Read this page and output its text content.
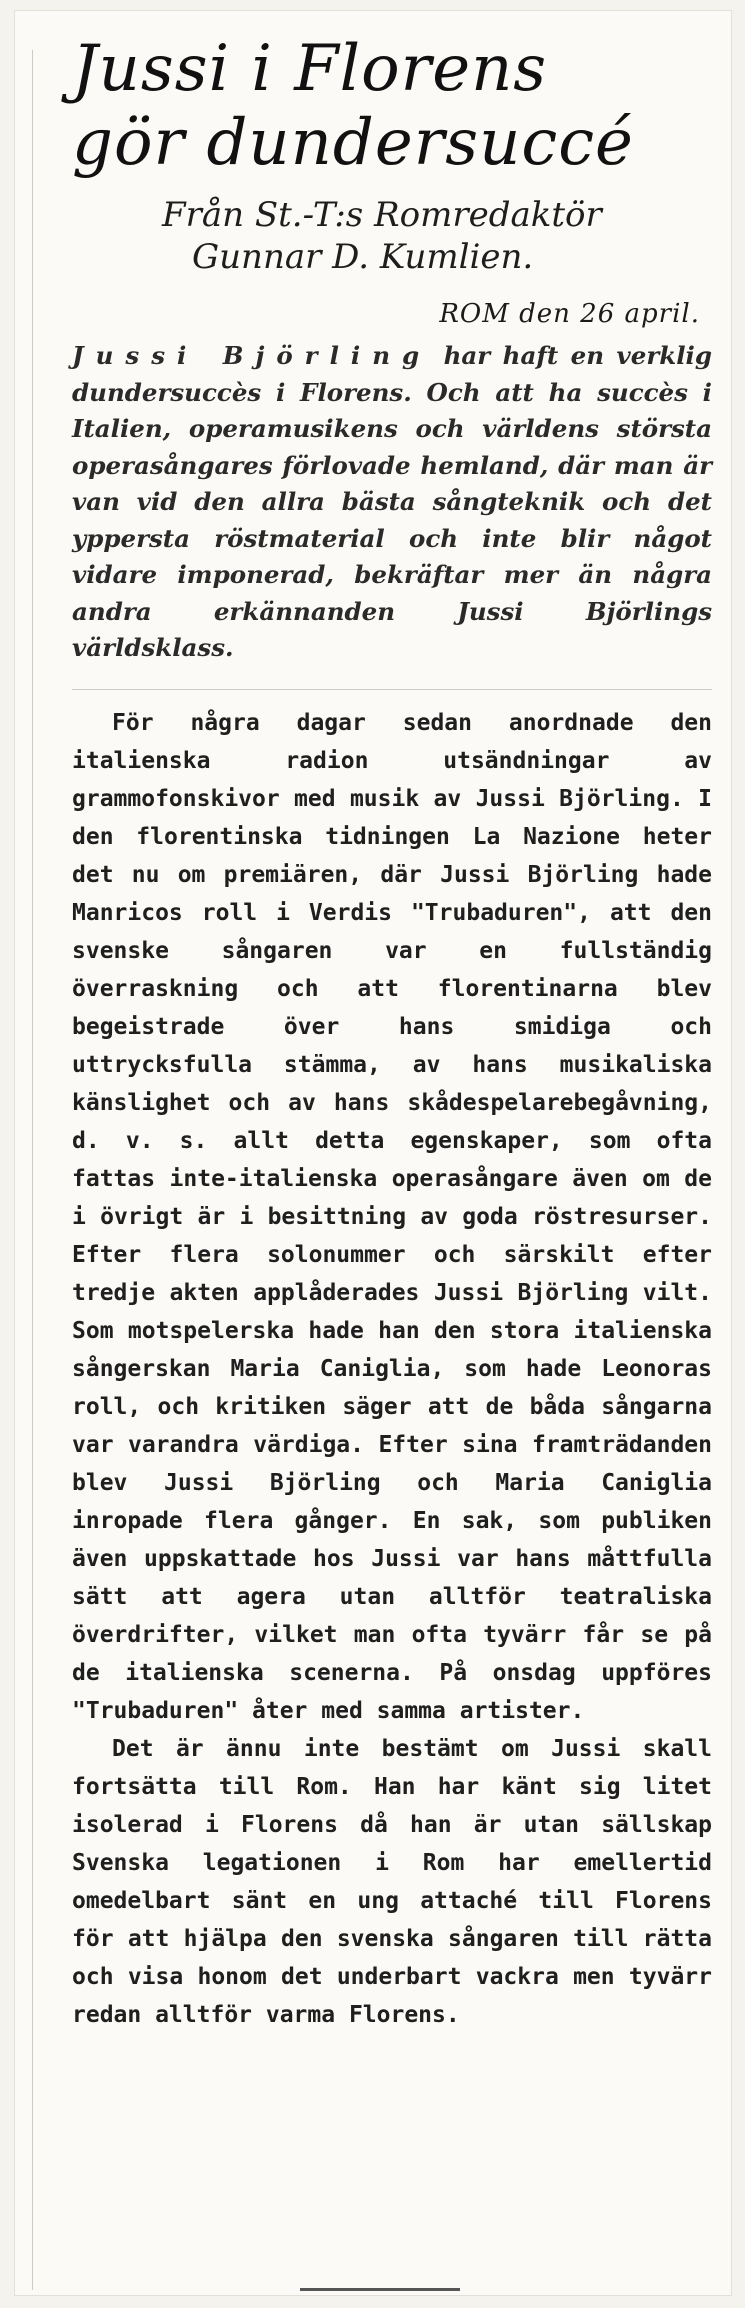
Jussi i Florens
gör dundersuccé
Från St.-T:s Romredaktör
Gunnar D. Kumlien.
ROM den 26 april.

Jussi Björling har haft en verklig dundersuccès i Florens. Och att ha succès i Italien, operamusikens och världens största operasångares förlovade hemland, där man är van vid den allra bästa sångteknik och det yppersta röstmaterial och inte blir något vidare imponerad, bekräftar mer än några andra erkännanden Jussi Björlings världsklass.

För några dagar sedan anordnade den italienska radion utsändningar av grammofonskivor med musik av Jussi Björling. I den florentinska tidningen La Nazione heter det nu om premiären, där Jussi Björling hade Manricos roll i Verdis "Trubaduren", att den svenske sångaren var en fullständig överraskning och att florentinarna blev begeistrade över hans smidiga och uttrycksfulla stämma, av hans musikaliska känslighet och av hans skådespelarebegåvning, d. v. s. allt detta egenskaper, som ofta fattas inte-italienska operasångare även om de i övrigt är i besittning av goda röstresurser. Efter flera solonummer och särskilt efter tredje akten applåderades Jussi Björling vilt. Som motspelerska hade han den stora italienska sångerskan Maria Caniglia, som hade Leonoras roll, och kritiken säger att de båda sångarna var varandra värdiga. Efter sina framträdanden blev Jussi Björling och Maria Caniglia inropade flera gånger. En sak, som publiken även uppskattade hos Jussi var hans måttfulla sätt att agera utan alltför teatraliska överdrifter, vilket man ofta tyvärr får se på de italienska scenerna. På onsdag uppföres "Trubaduren" åter med samma artister.

Det är ännu inte bestämt om Jussi skall fortsätta till Rom. Han har känt sig litet isolerad i Florens då han är utan sällskap Svenska legationen i Rom har emellertid omedelbart sänt en ung attaché till Florens för att hjälpa den svenska sångaren till rätta och visa honom det underbart vackra men tyvärr redan alltför varma Florens.
